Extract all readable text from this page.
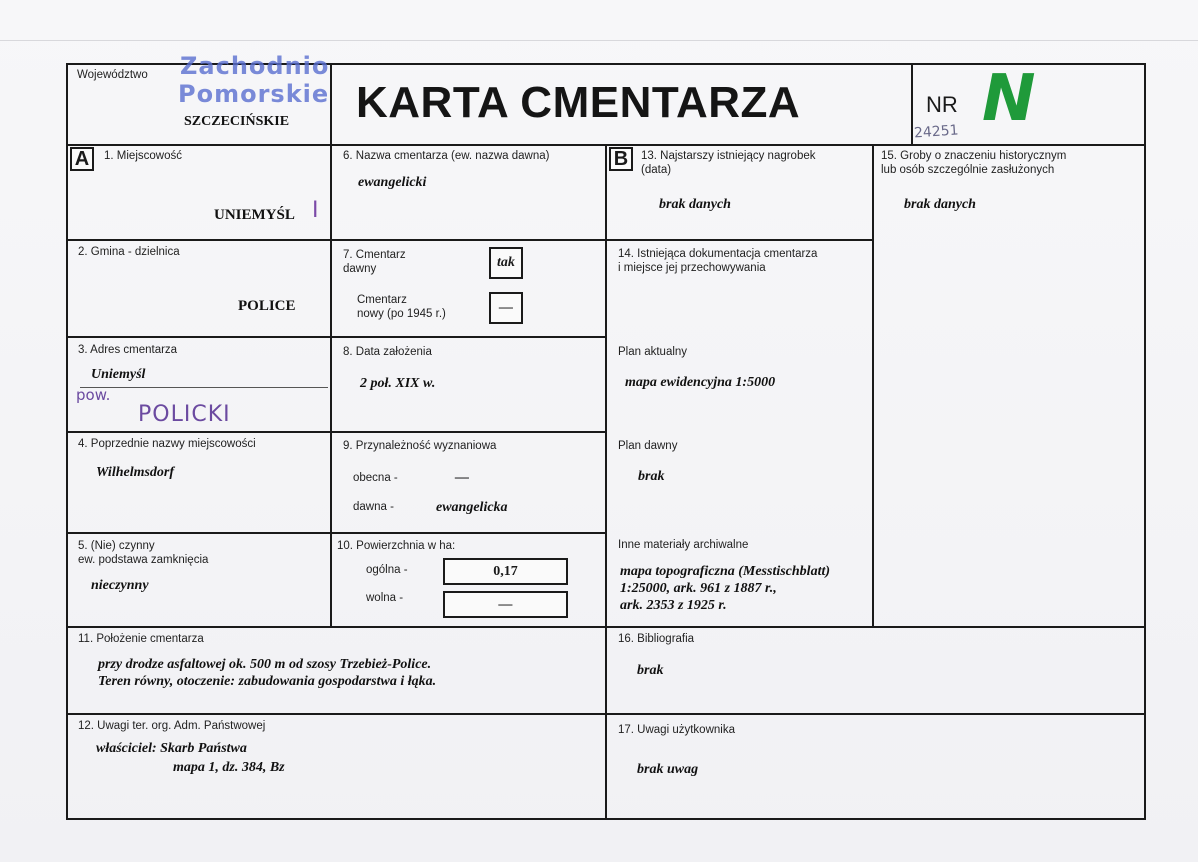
Województwo Zachodnio
Pomorskie
SZCZECIŃSKIE KARTA CMENTARZA	NR N
24251
A	B
1. Miejscowość
UNIEMYŚL I
2. Gmina - dzielnica
POLICE
3. Adres cmentarza
Uniemyśl
pow.
POLICKI
4. Poprzednie nazwy miejscowości
Wilhelmsdorf
5. (Nie) czynny
ew. podstawa zamknięcia
nieczynny
6. Nazwa cmentarza (ew. nazwa dawna)
ewangelicki
7. Cmentarz
dawny	tak
Cmentarz
nowy (po 1945 r.)	—
8. Data założenia
2 poł. XIX w.
9. Przynależność wyznaniowa
obecna -	—
dawna -	ewangelicka
10. Powierzchnia w ha:
ogólna -	0,17
wolna -	—
11. Położenie cmentarza
przy drodze asfaltowej ok. 500 m od szosy Trzebież-Police.
Teren równy, otoczenie: zabudowania gospodarstwa i łąka.
12. Uwagi ter. org. Adm. Państwowej
właściciel: Skarb Państwa
mapa 1, dz. 384, Bz
13. Najstarszy istniejący nagrobek
(data)
brak danych
14. Istniejąca dokumentacja cmentarza
i miejsce jej przechowywania
Plan aktualny
mapa ewidencyjna 1:5000
Plan dawny
brak
Inne materiały archiwalne
mapa topograficzna (Messtischblatt)
1:25000, ark. 961 z 1887 r.,
ark. 2353 z 1925 r.
15. Groby o znaczeniu historycznym
lub osób szczególnie zasłużonych
brak danych
16. Bibliografia
brak
17. Uwagi użytkownika
brak uwag
